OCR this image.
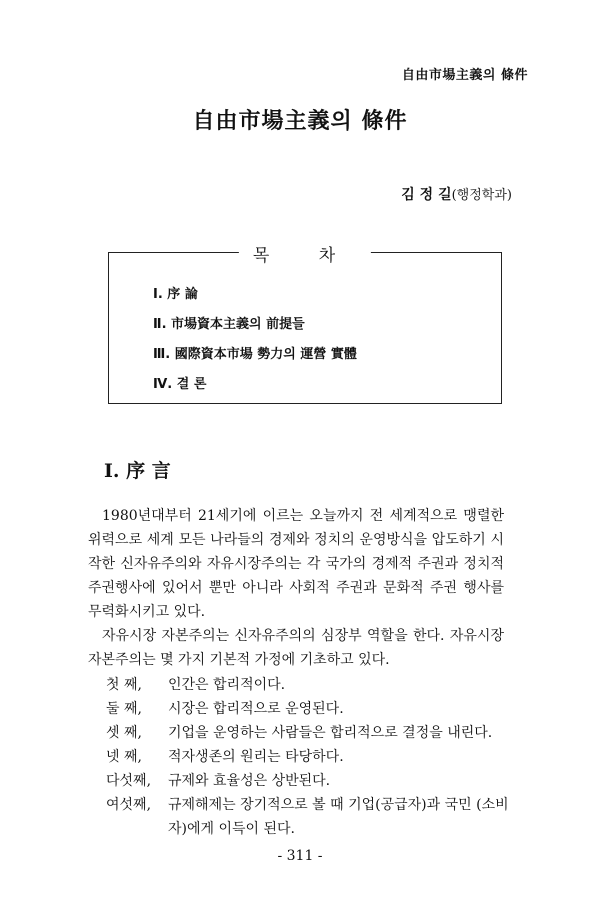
自由市場主義의 條件
自由市場主義의 條件
김 정 길(행정학과)
목 차
Ⅰ. 序 論
Ⅱ. 市場資本主義의 前提들
Ⅲ. 國際資本市場 勢力의 運營 實體
Ⅳ. 결 론
Ⅰ. 序 言

1980년대부터 21세기에 이르는 오늘까지 전 세계적으로 맹렬한 위력으로 세계 모든 나라들의 경제와 정치의 운영방식을 압도하기 시작한 신자유주의와 자유시장주의는 각 국가의 경제적 주권과 정치적 주권행사에 있어서 뿐만 아니라 사회적 주권과 문화적 주권 행사를 무력화시키고 있다.

자유시장 자본주의는 신자유주의의 심장부 역할을 한다. 자유시장 자본주의는 몇 가지 기본적 가정에 기초하고 있다.

첫 째,	인간은 합리적이다.
둘 째,	시장은 합리적으로 운영된다.
셋 째,	기업을 운영하는 사람들은 합리적으로 결정을 내린다.
넷 째,	적자생존의 원리는 타당하다.
다섯째,	규제와 효율성은 상반된다.
여섯째,	규제해제는 장기적으로 볼 때 기업(공급자)과 국민 (소비자)에게 이득이 된다.
- 311 -
